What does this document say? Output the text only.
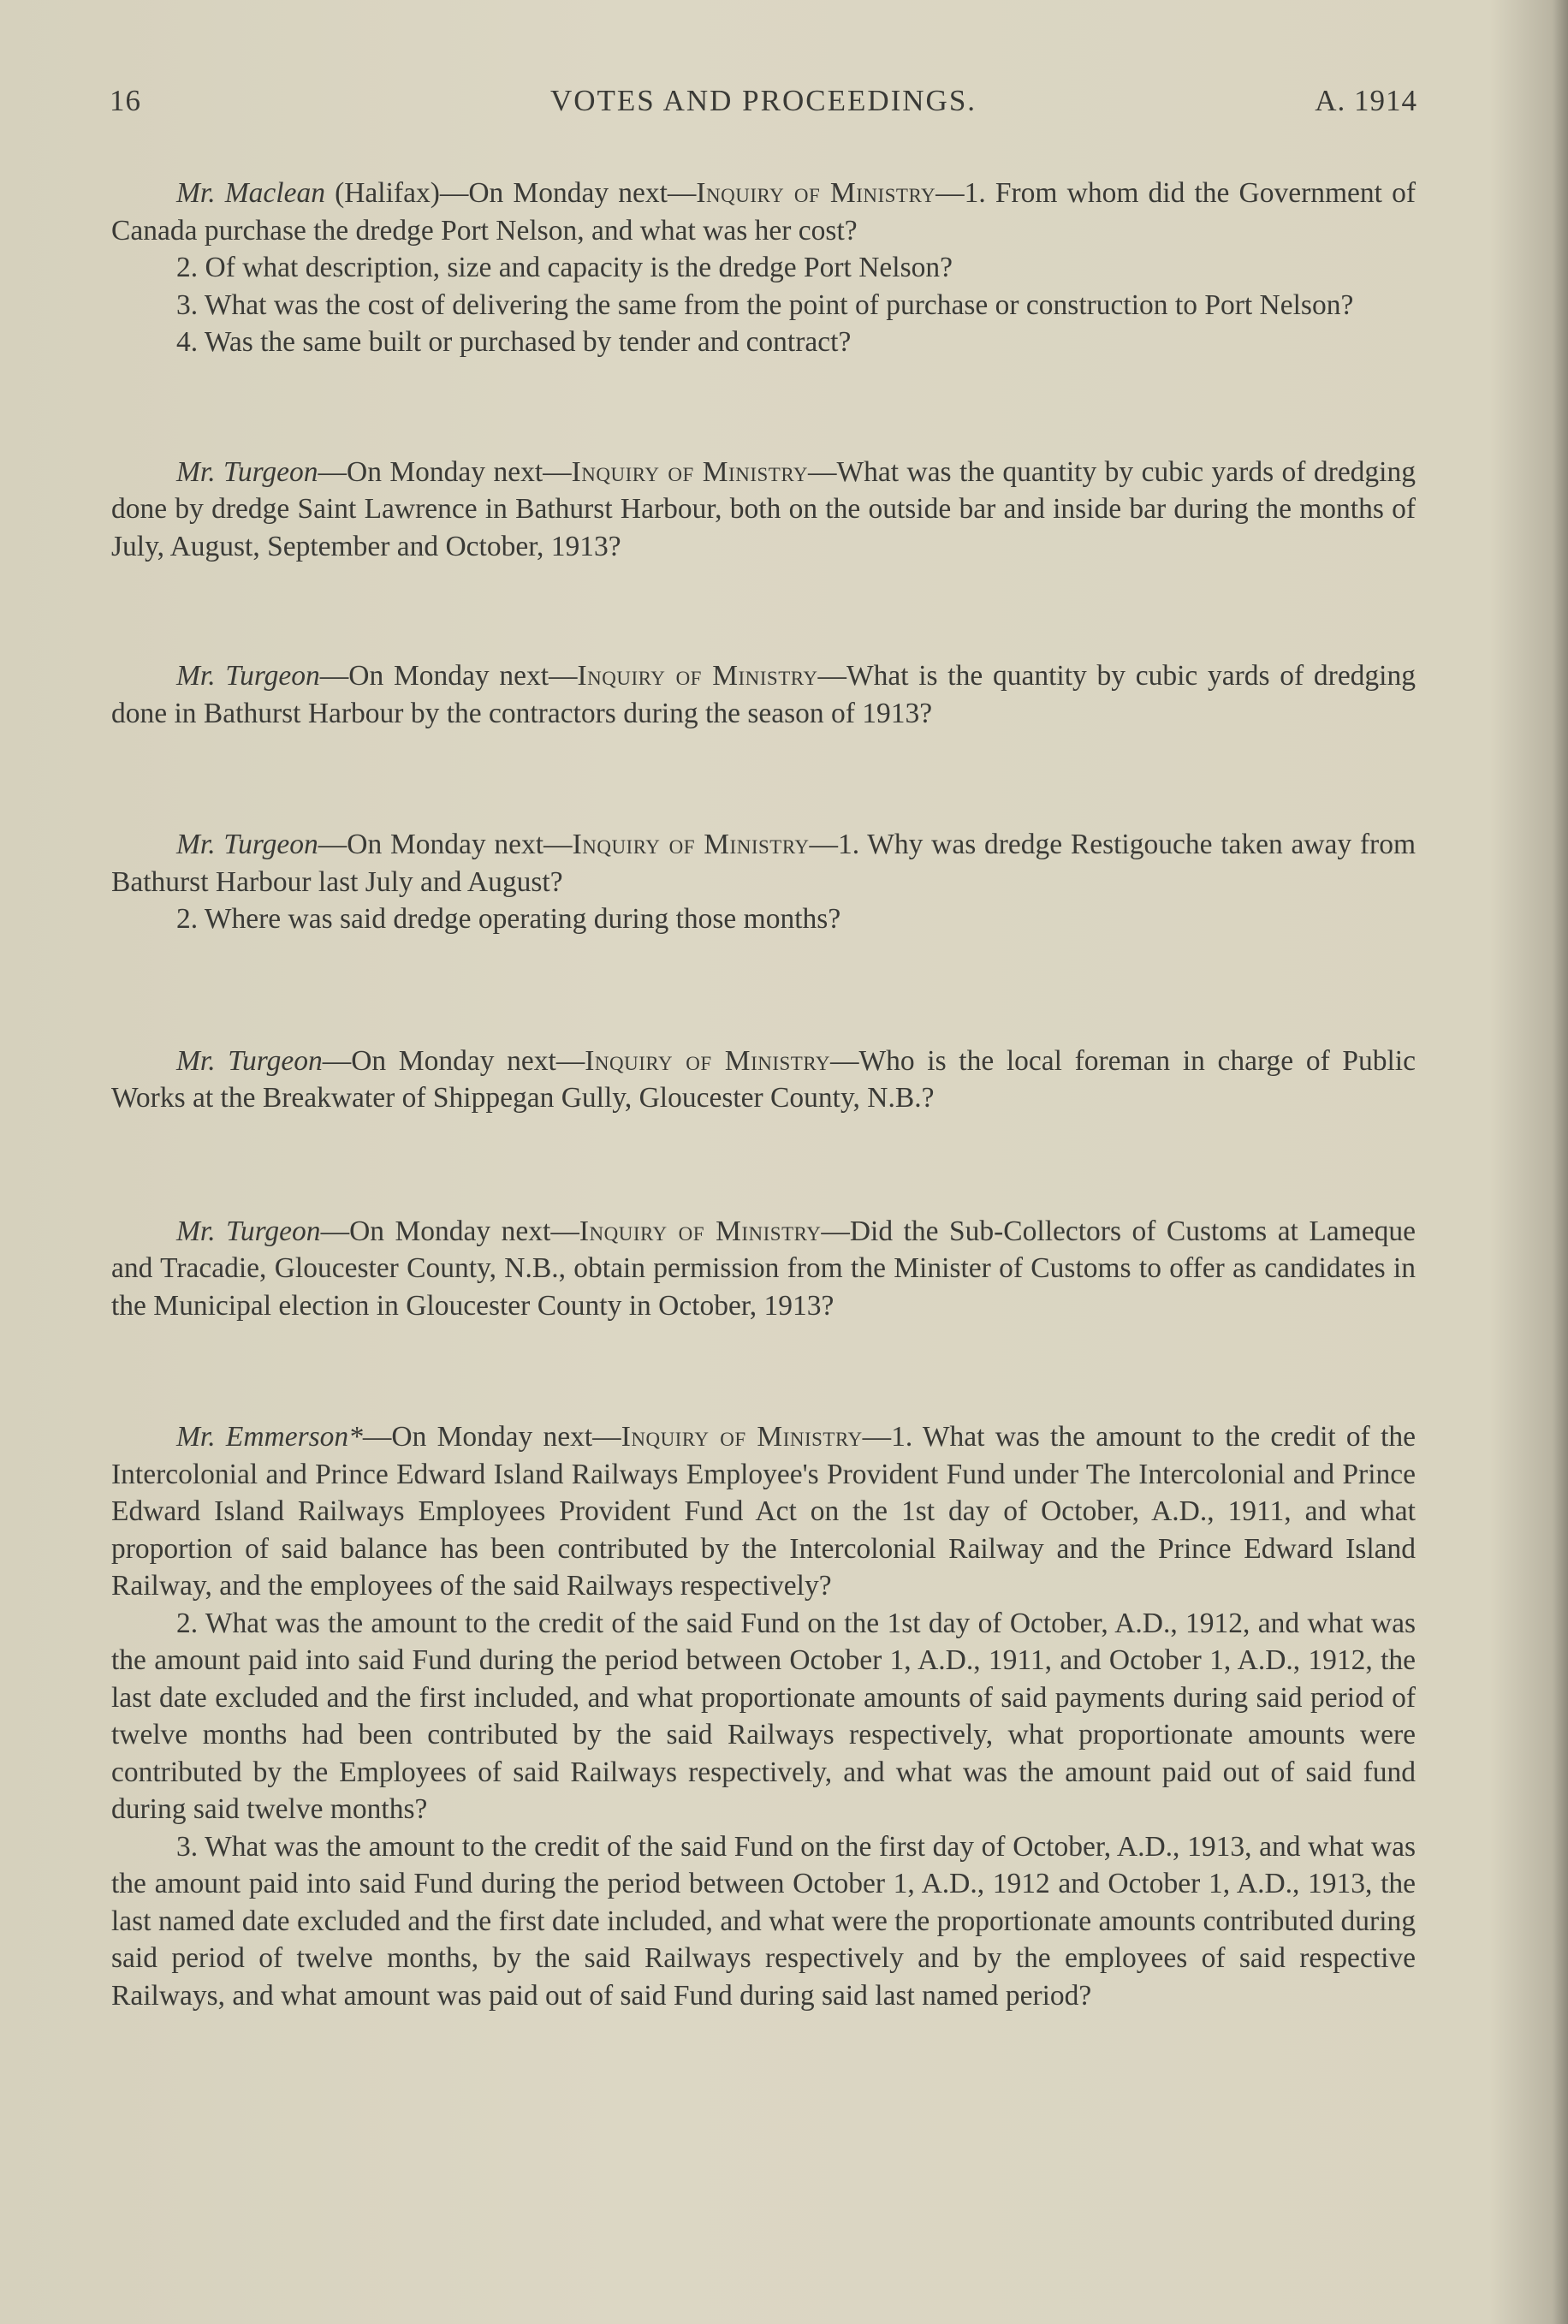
16	VOTES AND PROCEEDINGS.	A. 1914

Mr. Maclean (Halifax)—On Monday next—Inquiry of Ministry—1. From whom did the Government of Canada purchase the dredge Port Nelson, and what was her cost?

2. Of what description, size and capacity is the dredge Port Nelson?

3. What was the cost of delivering the same from the point of purchase or construction to Port Nelson?

4. Was the same built or purchased by tender and contract?

Mr. Turgeon—On Monday next—Inquiry of Ministry—What was the quantity by cubic yards of dredging done by dredge Saint Lawrence in Bathurst Harbour, both on the outside bar and inside bar during the months of July, August, September and October, 1913?

Mr. Turgeon—On Monday next—Inquiry of Ministry—What is the quantity by cubic yards of dredging done in Bathurst Harbour by the contractors during the season of 1913?

Mr. Turgeon—On Monday next—Inquiry of Ministry—1. Why was dredge Restigouche taken away from Bathurst Harbour last July and August?

2. Where was said dredge operating during those months?

Mr. Turgeon—On Monday next—Inquiry of Ministry—Who is the local foreman in charge of Public Works at the Breakwater of Shippegan Gully, Gloucester County, N.B.?

Mr. Turgeon—On Monday next—Inquiry of Ministry—Did the Sub-Collectors of Customs at Lameque and Tracadie, Gloucester County, N.B., obtain permission from the Minister of Customs to offer as candidates in the Municipal election in Gloucester County in October, 1913?

Mr. Emmerson*—On Monday next—Inquiry of Ministry—1. What was the amount to the credit of the Intercolonial and Prince Edward Island Railways Employee's Provident Fund under The Intercolonial and Prince Edward Island Railways Employees Provident Fund Act on the 1st day of October, A.D., 1911, and what proportion of said balance has been contributed by the Intercolonial Railway and the Prince Edward Island Railway, and the employees of the said Railways respectively?

2. What was the amount to the credit of the said Fund on the 1st day of October, A.D., 1912, and what was the amount paid into said Fund during the period between October 1, A.D., 1911, and October 1, A.D., 1912, the last date excluded and the first included, and what proportionate amounts of said payments during said period of twelve months had been contributed by the said Railways respectively, what proportionate amounts were contributed by the Employees of said Railways respectively, and what was the amount paid out of said fund during said twelve months?

3. What was the amount to the credit of the said Fund on the first day of October, A.D., 1913, and what was the amount paid into said Fund during the period between October 1, A.D., 1912 and October 1, A.D., 1913, the last named date excluded and the first date included, and what were the proportionate amounts contributed during said period of twelve months, by the said Railways respectively and by the employees of said respective Railways, and what amount was paid out of said Fund during said last named period?
